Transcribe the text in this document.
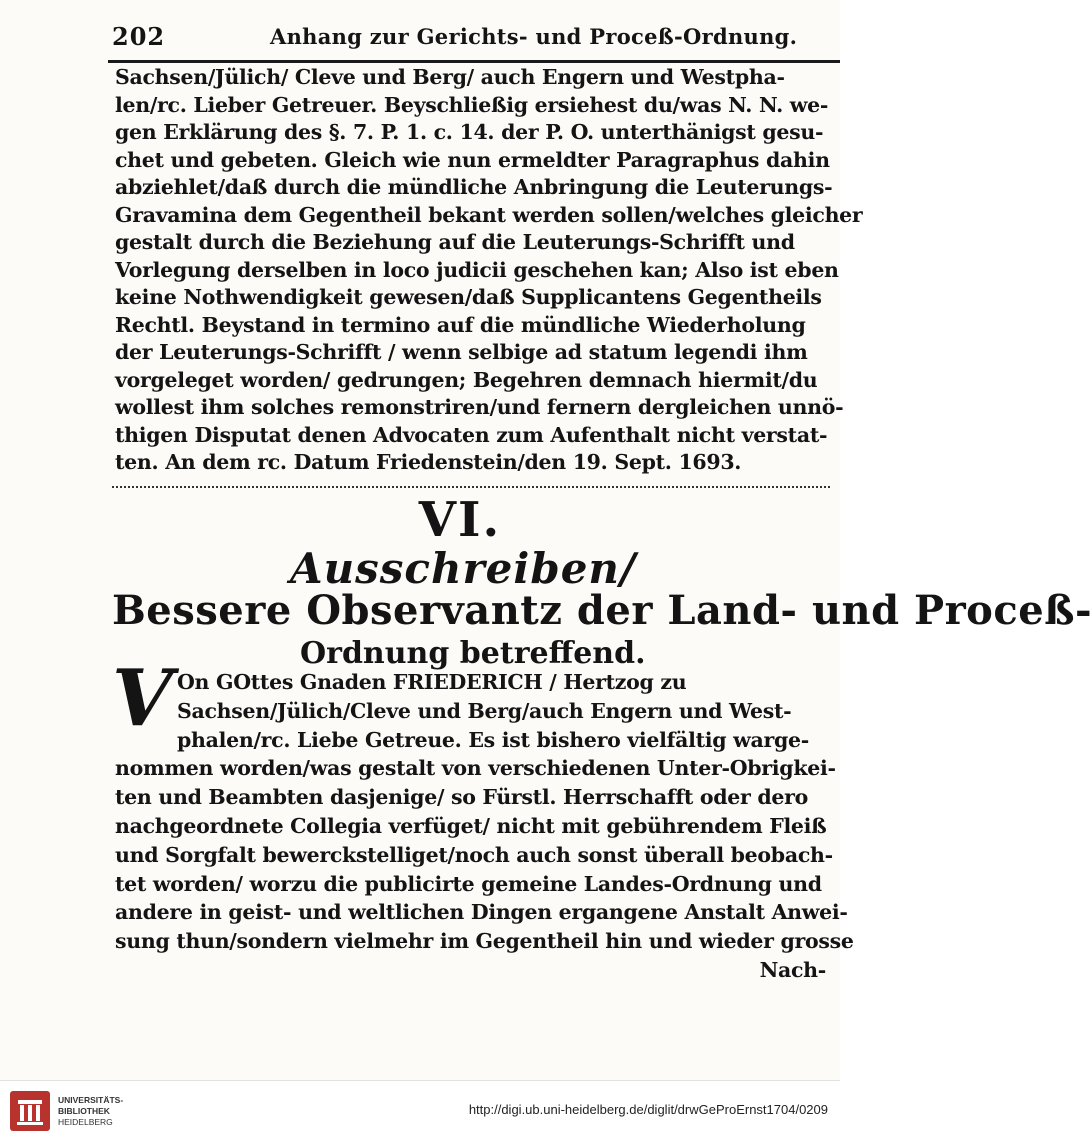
202	Anhang zur Gerichts- und Proceß-Ordnung.
Sachsen/Jülich/ Cleve und Berg/ auch Engern und Westpha-
len/rc. Lieber Getreuer. Beyschließig ersiehest du/was N. N. we-
gen Erklärung des §. 7. P. 1. c. 14. der P. O. unterthänigst gesu-
chet und gebeten. Gleich wie nun ermeldter Paragraphus dahin
abziehlet/daß durch die mündliche Anbringung die Leuterungs-
Gravamina dem Gegentheil bekant werden sollen/welches gleicher
gestalt durch die Beziehung auf die Leuterungs-Schrifft und
Vorlegung derselben in loco judicii geschehen kan; Also ist eben
keine Nothwendigkeit gewesen/daß Supplicantens Gegentheils
Rechtl. Beystand in termino auf die mündliche Wiederholung
der Leuterungs-Schrifft / wenn selbige ad statum legendi ihm
vorgeleget worden/ gedrungen; Begehren demnach hiermit/du
wollest ihm solches remonstriren/und fernern dergleichen unnö-
thigen Disputat denen Advocaten zum Aufenthalt nicht verstat-
ten. An dem rc. Datum Friedenstein/den 19. Sept. 1693.
VI.
Ausschreiben/
Bessere Observantz der Land- und Proceß-
Ordnung betreffend.
V On GOttes Gnaden FRIEDERICH / Hertzog zu
Sachsen/Jülich/Cleve und Berg/auch Engern und West-
phalen/rc. Liebe Getreue. Es ist bishero vielfältig warge-
nommen worden/was gestalt von verschiedenen Unter-Obrigkei-
ten und Beambten dasjenige/ so Fürstl. Herrschafft oder dero
nachgeordnete Collegia verfüget/ nicht mit gebührendem Fleiß
und Sorgfalt bewerckstelliget/noch auch sonst überall beobach-
tet worden/ worzu die publicirte gemeine Landes-Ordnung und
andere in geist- und weltlichen Dingen ergangene Anstalt Anwei-
sung thun/sondern vielmehr im Gegentheil hin und wieder grosse
Nach-
UNIVERSITÄTS-
BIBLIOTHEK
HEIDELBERG
http://digi.ub.uni-heidelberg.de/diglit/drwGeProErnst1704/0209
